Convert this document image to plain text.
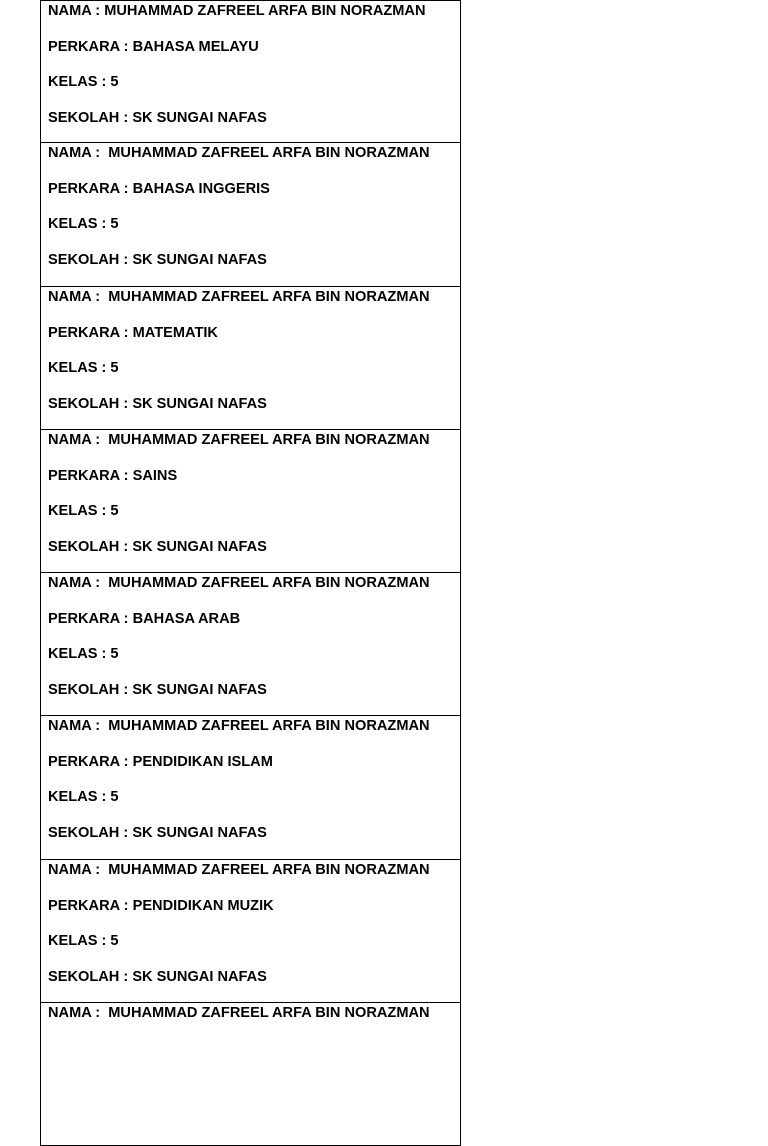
NAMA : MUHAMMAD ZAFREEL ARFA BIN NORAZMAN
PERKARA : BAHASA MELAYU
KELAS : 5
SEKOLAH : SK SUNGAI NAFAS
NAMA :  MUHAMMAD ZAFREEL ARFA BIN NORAZMAN
PERKARA : BAHASA INGGERIS
KELAS : 5
SEKOLAH : SK SUNGAI NAFAS
NAMA :  MUHAMMAD ZAFREEL ARFA BIN NORAZMAN
PERKARA : MATEMATIK
KELAS : 5
SEKOLAH : SK SUNGAI NAFAS
NAMA :  MUHAMMAD ZAFREEL ARFA BIN NORAZMAN
PERKARA : SAINS
KELAS : 5
SEKOLAH : SK SUNGAI NAFAS
NAMA :  MUHAMMAD ZAFREEL ARFA BIN NORAZMAN
PERKARA : BAHASA ARAB
KELAS : 5
SEKOLAH : SK SUNGAI NAFAS
NAMA :  MUHAMMAD ZAFREEL ARFA BIN NORAZMAN
PERKARA : PENDIDIKAN ISLAM
KELAS : 5
SEKOLAH : SK SUNGAI NAFAS
NAMA :  MUHAMMAD ZAFREEL ARFA BIN NORAZMAN
PERKARA : PENDIDIKAN MUZIK
KELAS : 5
SEKOLAH : SK SUNGAI NAFAS
NAMA :  MUHAMMAD ZAFREEL ARFA BIN NORAZMAN
